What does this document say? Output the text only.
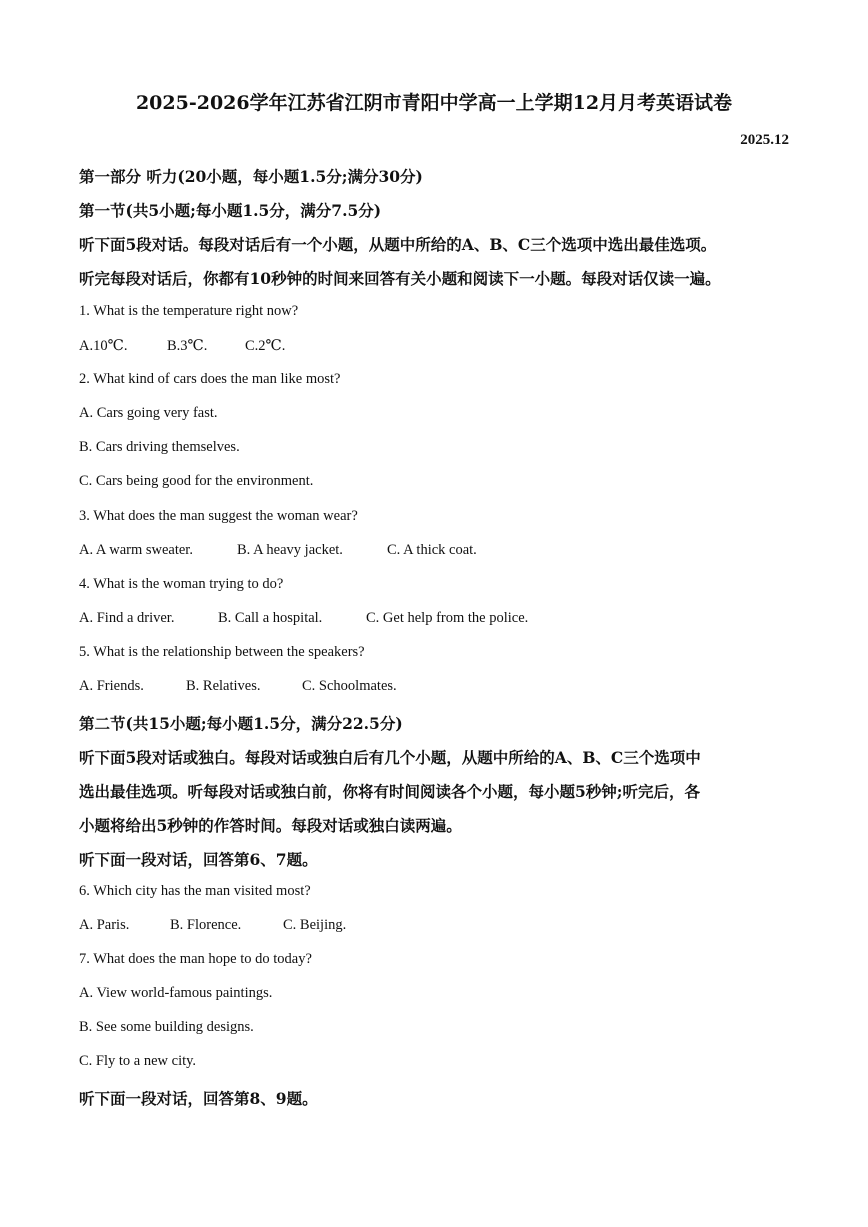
2025-2026学年江苏省江阴市青阳中学高一上学期12月月考英语试卷
2025.12
第一部分 听力(20小题，每小题1.5分;满分30分)
第一节(共5小题;每小题1.5分，满分7.5分)
听下面5段对话。每段对话后有一个小题，从题中所给的A、B、C三个选项中选出最佳选项。
听完每段对话后，你都有10秒钟的时间来回答有关小题和阅读下一小题。每段对话仅读一遍。
1. What is the temperature right now?
A.10℃.	B.3℃.	C.2℃.
2. What kind of cars does the man like most?
A. Cars going very fast.
B. Cars driving themselves.
C. Cars being good for the environment.
3. What does the man suggest the woman wear?
A. A warm sweater.	B. A heavy jacket.	C. A thick coat.
4. What is the woman trying to do?
A. Find a driver.	B. Call a hospital.	C. Get help from the police.
5. What is the relationship between the speakers?
A. Friends.	B. Relatives.	C. Schoolmates.
第二节(共15小题;每小题1.5分，满分22.5分)
听下面5段对话或独白。每段对话或独白后有几个小题，从题中所给的A、B、C三个选项中
选出最佳选项。听每段对话或独白前，你将有时间阅读各个小题，每小题5秒钟;听完后，各
小题将给出5秒钟的作答时间。每段对话或独白读两遍。
听下面一段对话，回答第6、7题。
6. Which city has the man visited most?
A. Paris.	B. Florence.	C. Beijing.
7. What does the man hope to do today?
A. View world-famous paintings.
B. See some building designs.
C. Fly to a new city.
听下面一段对话，回答第8、9题。
